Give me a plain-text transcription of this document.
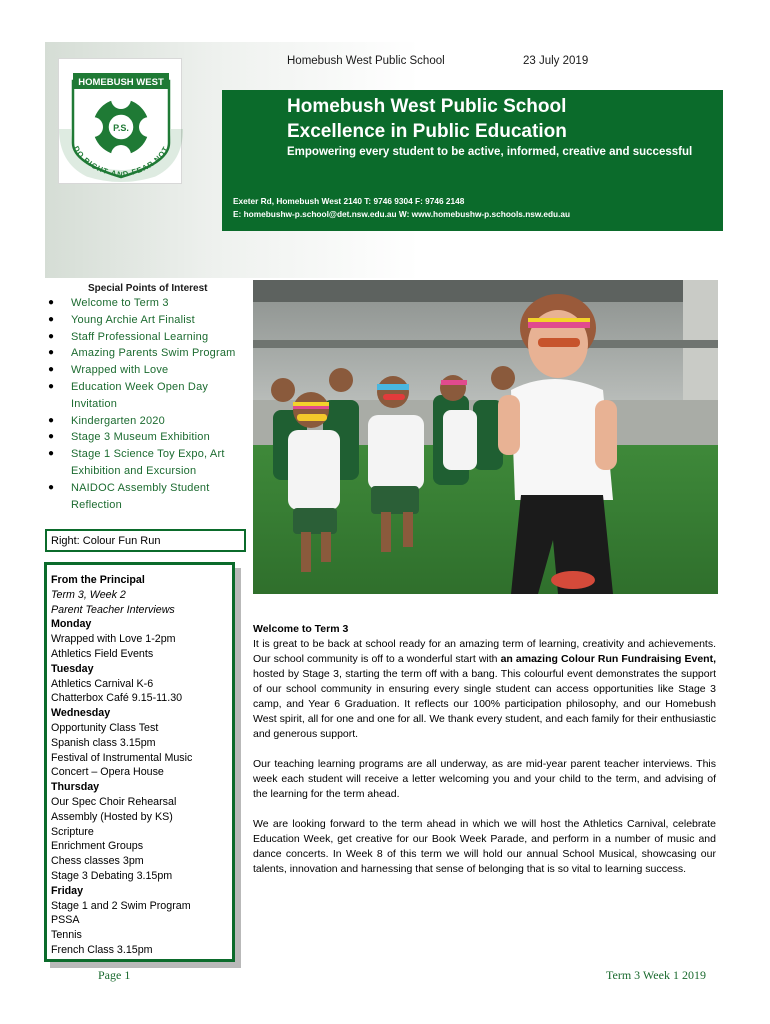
HOMEBUSH WEST
P.S.
DO RIGHT AND FEAR NOT
Homebush West Public School	23 July 2019
Homebush West Public School
Excellence in Public Education
Empowering every student to be active, informed, creative and successful
Exeter Rd, Homebush West 2140 T: 9746 9304 F: 9746 2148
E: homebushw-p.school@det.nsw.edu.au W: www.homebushw-p.schools.nsw.edu.au
Special Points of Interest
● Welcome to Term 3
● Young Archie Art Finalist
● Staff Professional Learning
● Amazing Parents Swim Program
● Wrapped with Love
● Education Week Open Day Invitation
● Kindergarten 2020
● Stage 3 Museum Exhibition
● Stage 1 Science Toy Expo, Art Exhibition and Excursion
● NAIDOC Assembly Student Reflection
Right: Colour Fun Run
From the Principal
Term 3, Week 2
Parent Teacher Interviews
Monday
Wrapped with Love 1-2pm
Athletics Field Events
Tuesday
Athletics Carnival K-6
Chatterbox Café 9.15-11.30
Wednesday
Opportunity Class Test
Spanish class 3.15pm
Festival of Instrumental Music
Concert – Opera House
Thursday
Our Spec Choir Rehearsal
Assembly (Hosted by KS)
Scripture
Enrichment Groups
Chess classes 3pm
Stage 3 Debating 3.15pm
Friday
Stage 1 and 2 Swim Program
PSSA
Tennis
French Class 3.15pm
Welcome to Term 3

It is great to be back at school ready for an amazing term of learning, creativity and achievements. Our school community is off to a wonderful start with an amazing Colour Run Fundraising Event, hosted by Stage 3, starting the term off with a bang. This colourful event demonstrates the support of our school community in ensuring every single student can access opportunities like Stage 3 camp, and Year 6 Graduation. It reflects our 100% participation philosophy, and our Homebush West spirit, all for one and one for all. We thank every student, and each family for their enthusiastic and generous support.

Our teaching learning programs are all underway, as are mid-year parent teacher interviews. This week each student will receive a letter welcoming you and your child to the term, and advising of the learning for the term ahead.

We are looking forward to the term ahead in which we will host the Athletics Carnival, celebrate Education Week, get creative for our Book Week Parade, and perform in a number of music and dance concerts. In Week 8 of this term we will hold our annual School Musical, showcasing our talents, innovation and harnessing that sense of belonging that is so vital to learning success.

Page 1	Term 3 Week 1 2019
